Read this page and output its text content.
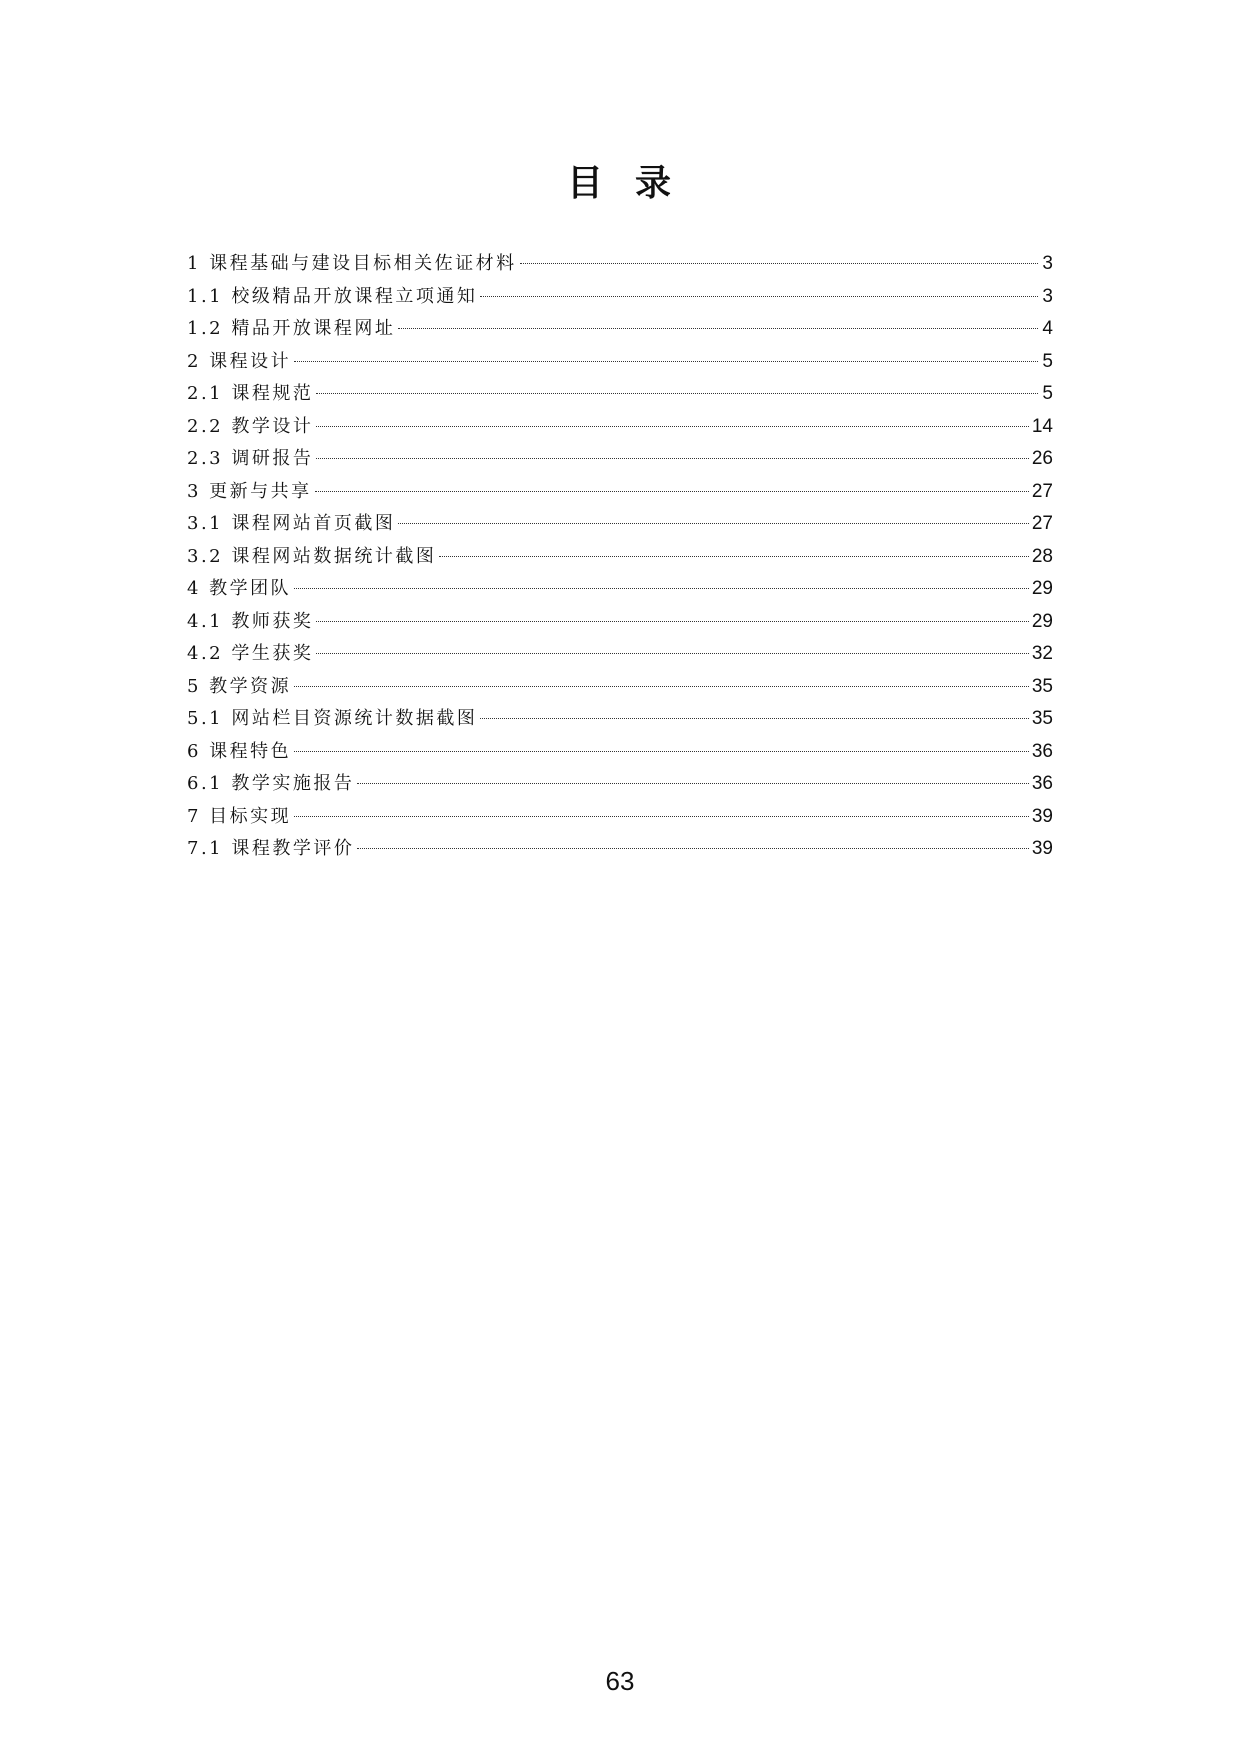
目 录
1 课程基础与建设目标相关佐证材料	3
1.1 校级精品开放课程立项通知	3
1.2 精品开放课程网址	4
2 课程设计	5
2.1 课程规范	5
2.2 教学设计	14
2.3 调研报告	26
3 更新与共享	27
3.1 课程网站首页截图	27
3.2 课程网站数据统计截图	28
4 教学团队	29
4.1 教师获奖	29
4.2 学生获奖	32
5 教学资源	35
5.1 网站栏目资源统计数据截图	35
6 课程特色	36
6.1 教学实施报告	36
7 目标实现	39
7.1 课程教学评价	39
63
